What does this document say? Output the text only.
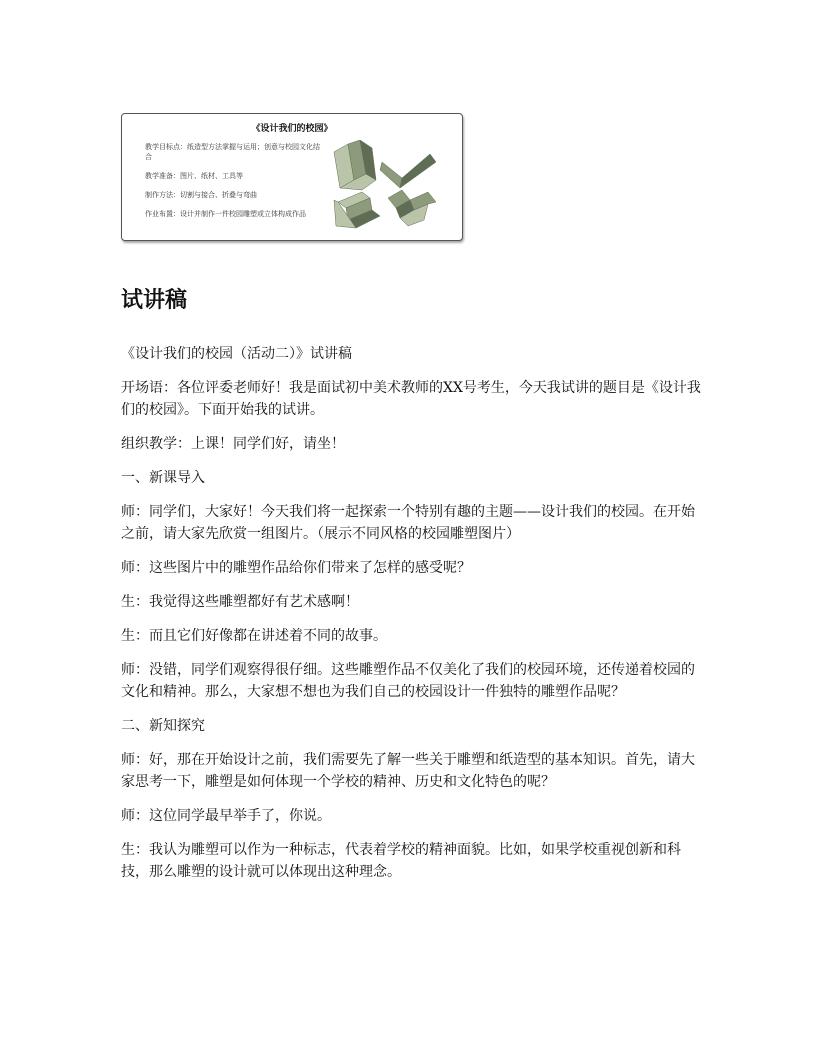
《设计我们的校园》
教学目标点：纸造型方法掌握与运用；创意与校园文化结合
教学准备：图片、纸材、工具等
制作方法：切割与接合、折叠与弯曲
作业布置：设计并制作一件校园雕塑或立体构成作品
试讲稿

《设计我们的校园（活动二）》试讲稿

开场语：各位评委老师好！我是面试初中美术教师的XX号考生，今天我试讲的题目是《设计我们的校园》。下面开始我的试讲。

组织教学：上课！同学们好，请坐！

一、新课导入

师：同学们，大家好！今天我们将一起探索一个特别有趣的主题——设计我们的校园。在开始之前，请大家先欣赏一组图片。（展示不同风格的校园雕塑图片）

师：这些图片中的雕塑作品给你们带来了怎样的感受呢？

生：我觉得这些雕塑都好有艺术感啊！

生：而且它们好像都在讲述着不同的故事。

师：没错，同学们观察得很仔细。这些雕塑作品不仅美化了我们的校园环境，还传递着校园的文化和精神。那么，大家想不想也为我们自己的校园设计一件独特的雕塑作品呢？

二、新知探究

师：好，那在开始设计之前，我们需要先了解一些关于雕塑和纸造型的基本知识。首先，请大家思考一下，雕塑是如何体现一个学校的精神、历史和文化特色的呢？

师：这位同学最早举手了，你说。

生：我认为雕塑可以作为一种标志，代表着学校的精神面貌。比如，如果学校重视创新和科技，那么雕塑的设计就可以体现出这种理念。
